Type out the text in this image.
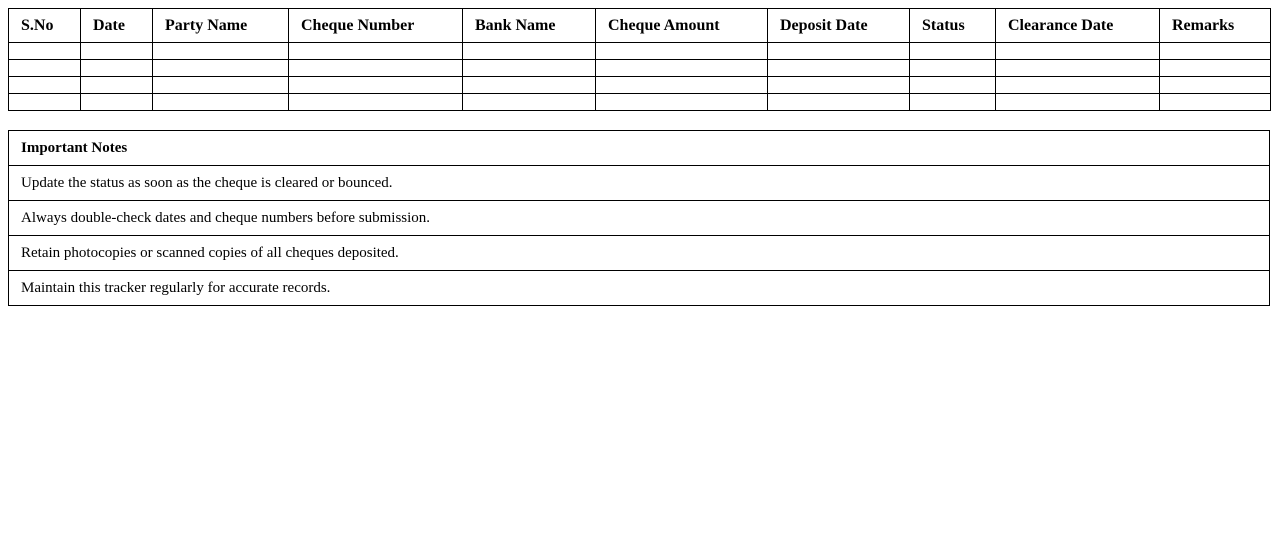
S.No	Date	Party Name	Cheque Number	Bank Name	Cheque Amount	Deposit Date	Status	Clearance Date	Remarks

Important Notes
Update the status as soon as the cheque is cleared or bounced.
Always double-check dates and cheque numbers before submission.
Retain photocopies or scanned copies of all cheques deposited.
Maintain this tracker regularly for accurate records.
